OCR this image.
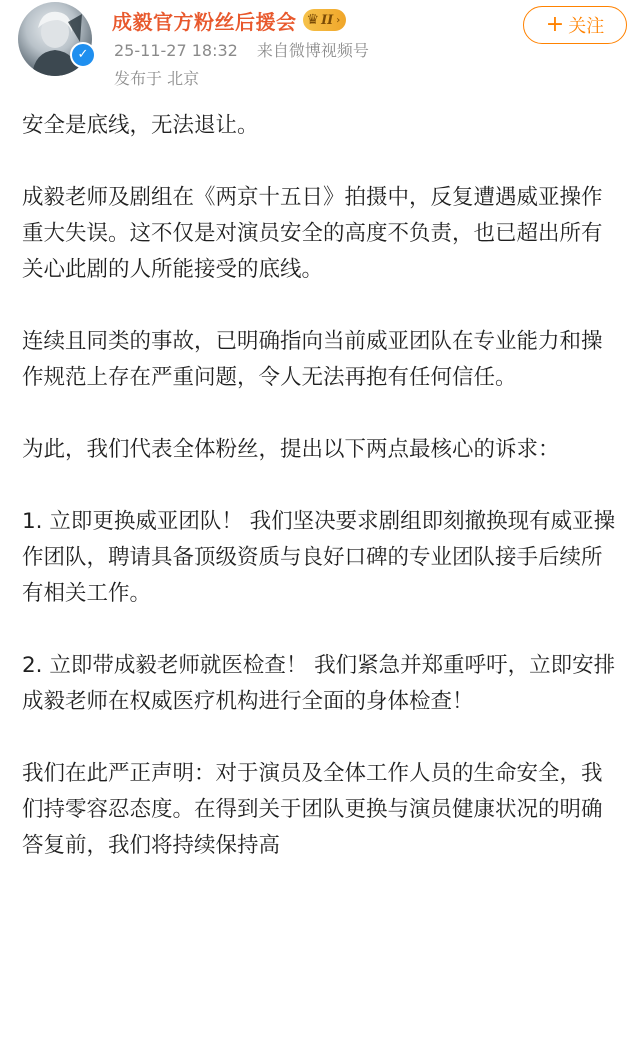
✓
成毅官方粉丝后援会 ♛ II ›
25-11-27 18:32 来自微博视频号
发布于 北京
+ 关注

安全是底线，无法退让。

成毅老师及剧组在《两京十五日》拍摄中，反复遭遇威亚操作重大失误。这不仅是对演员安全的高度不负责，也已超出所有关心此剧的人所能接受的底线。

连续且同类的事故，已明确指向当前威亚团队在专业能力和操作规范上存在严重问题，令人无法再抱有任何信任。

为此，我们代表全体粉丝，提出以下两点最核心的诉求：

1. 立即更换威亚团队！ 我们坚决要求剧组即刻撤换现有威亚操作团队，聘请具备顶级资质与良好口碑的专业团队接手后续所有相关工作。

2. 立即带成毅老师就医检查！ 我们紧急并郑重呼吁，立即安排成毅老师在权威医疗机构进行全面的身体检查！

我们在此严正声明：对于演员及全体工作人员的生命安全，我们持零容忍态度。在得到关于团队更换与演员健康状况的明确答复前，我们将持续保持高
